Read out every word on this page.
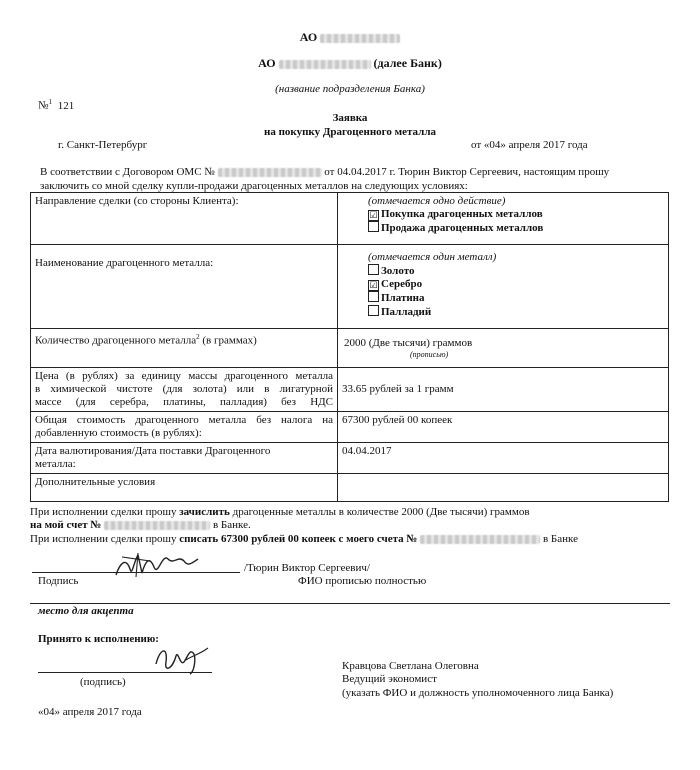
АО
АО	(далее Банк)
(название подразделения Банка)
№$^1$ 121
Заявка
на покупку Драгоценного металла
г. Санкт-Петербург	от «04» апреля 2017 года
В соответствии с Договором ОМС №	от 04.04.2017 г. Тюрин Виктор Сергеевич, настоящим прошу
заключить со мной сделку купли-продажи драгоценных металлов на следующих условиях:
Направление сделки (со стороны Клиента):	(отмечается одно действие)
☑ Покупка драгоценных металлов
Продажа драгоценных металлов

Наименование драгоценного металла:	(отмечается один металл)
Золото
☑ Серебро
Платина
Палладий

Количество драгоценного металла$^2$ (в граммах)	2000 (Две тысячи) граммов
(прописью)

Цена (в рублях) за единицу массы драгоценного металла
в химической чистоте (для золота) или в лигатурной
массе (для серебра, платины, палладия) без НДС	33.65 рублей за 1 грамм

Общая стоимость драгоценного металла без налога на
добавленную стоимость (в рублях):	67300 рублей 00 копеек

Дата валютирования/Дата поставки Драгоценного
металла:	04.04.2017
Дополнительные условия	
При исполнении сделки прошу зачислить драгоценные металлы в количестве 2000 (Две тысячи) граммов
на мой счет №	в Банке.
При исполнении сделки прошу списать 67300 рублей 00 копеек с моего счета №	в Банке
/Тюрин Виктор Сергеевич/
Подпись	ФИО прописью полностью
место для акцепта
Принято к исполнению:
(подпись)
Кравцова Светлана Олеговна
Ведущий экономист
(указать ФИО и должность уполномоченного лица Банка)
«04» апреля 2017 года
